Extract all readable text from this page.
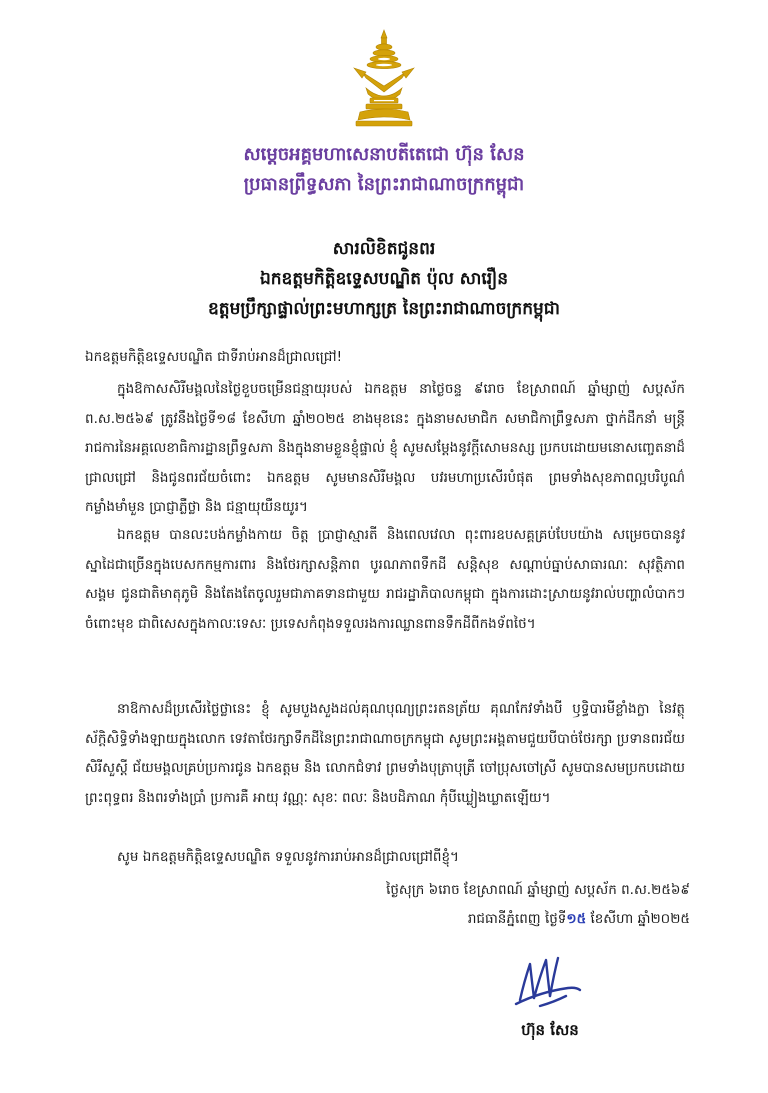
សម្តេចអគ្គមហាសេនាបតីតេជោ ហ៊ុន សែន
ប្រធានព្រឹទ្ធសភា នៃព្រះរាជាណាចក្រកម្ពុជា
សារលិខិតជូនពរ
ឯកឧត្តមកិត្តិឧទ្ទេសបណ្ឌិត ប៉ុល សារឿន
ឧត្តមប្រឹក្សាផ្ទាល់ព្រះមហាក្សត្រ នៃព្រះរាជាណាចក្រកម្ពុជា
ឯកឧត្តមកិត្តិឧទ្ទេសបណ្ឌិត ជាទីរាប់អានដ៏ជ្រាលជ្រៅ!
ក្នុងឱកាសសិរីមង្គលនៃថ្ងៃខួបចម្រើនជន្មាយុរបស់ ឯកឧត្តម នាថ្ងៃចន្ទ ៩រោច ខែស្រាពណ៍ ឆ្នាំម្សាញ់ សប្តស័ក ព.ស.២៥៦៩ ត្រូវនឹងថ្ងៃទី១៨ ខែសីហា ឆ្នាំ២០២៥ ខាងមុខនេះ ក្នុងនាមសមាជិក សមាជិកាព្រឹទ្ធសភា ថ្នាក់ដឹកនាំ មន្ត្រីរាជការនៃអគ្គលេខាធិការដ្ឋានព្រឹទ្ធសភា និងក្នុងនាមខ្លួនខ្ញុំផ្ទាល់ ខ្ញុំ សូមសម្តែងនូវក្តីសោមនស្ស ប្រកបដោយមនោសញ្ចេតនាដ៏ជ្រាលជ្រៅ និងជូនពរជ័យចំពោះ ឯកឧត្តម សូមមានសិរីមង្គល បវរមហាប្រសើរបំផុត ព្រមទាំងសុខភាពល្អបរិបូណ៌ កម្លាំងមាំមួន ប្រាជ្ញាភ្លឺថ្លា និង ជន្មាយុយឺនយូរ។
ឯកឧត្តម បានលះបង់កម្លាំងកាយ ចិត្ត ប្រាជ្ញាស្មារតី និងពេលវេលា ពុះពារឧបសគ្គគ្រប់បែបយ៉ាង សម្រេចបាននូវស្នាដៃជាច្រើនក្នុងបេសកកម្មការពារ និងថែរក្សាសន្តិភាព បូរណភាពទឹកដី សន្តិសុខ សណ្តាប់ធ្នាប់សាធារណៈ សុវត្ថិភាពសង្គម ជូនជាតិមាតុភូមិ និងតែងតែចូលរួមជាភាគទានជាមួយ រាជរដ្ឋាភិបាលកម្ពុជា ក្នុងការដោះស្រាយនូវរាល់បញ្ហាលំបាកៗចំពោះមុខ ជាពិសេសក្នុងកាលៈទេសៈ ប្រទេសកំពុងទទួលរងការឈ្លានពានទឹកដីពីកងទ័ពថៃ។
នាឱកាសដ៏ប្រសើរថ្លៃថ្លានេះ ខ្ញុំ សូមបួងសួងដល់គុណបុណ្យព្រះរតនត្រ័យ គុណកែវទាំងបី ឫទ្ធិបារមីខ្លាំងក្លា នៃវត្ថុស័ក្តិសិទ្ធិទាំងឡាយក្នុងលោក ទេវតាថែរក្សាទឹកដីនៃព្រះរាជាណាចក្រកម្ពុជា សូមព្រះអង្គតាមជួយបីបាច់ថែរក្សា ប្រទានពរជ័យ សិរីសួស្តី ជ័យមង្គលគ្រប់ប្រការជូន ឯកឧត្តម និង លោកជំទាវ ព្រមទាំងបុត្រាបុត្រី ចៅប្រុសចៅស្រី សូមបានសមប្រកបដោយព្រះពុទ្ធពរ និងពរទាំងប្រាំ ប្រការគឺ អាយុ វណ្ណៈ សុខៈ ពលៈ និងបដិភាណ កុំបីឃ្លៀងឃ្លាតឡើយ។
សូម ឯកឧត្តមកិត្តិឧទ្ទេសបណ្ឌិត ទទួលនូវការរាប់អានដ៏ជ្រាលជ្រៅពីខ្ញុំ។
ថ្ងៃសុក្រ ៦រោច ខែស្រាពណ៍ ឆ្នាំម្សាញ់ សប្តស័ក ព.ស.២៥៦៩
រាជធានីភ្នំពេញ ថ្ងៃទី១៥ ខែសីហា ឆ្នាំ២០២៥
ហ៊ុន សែន
